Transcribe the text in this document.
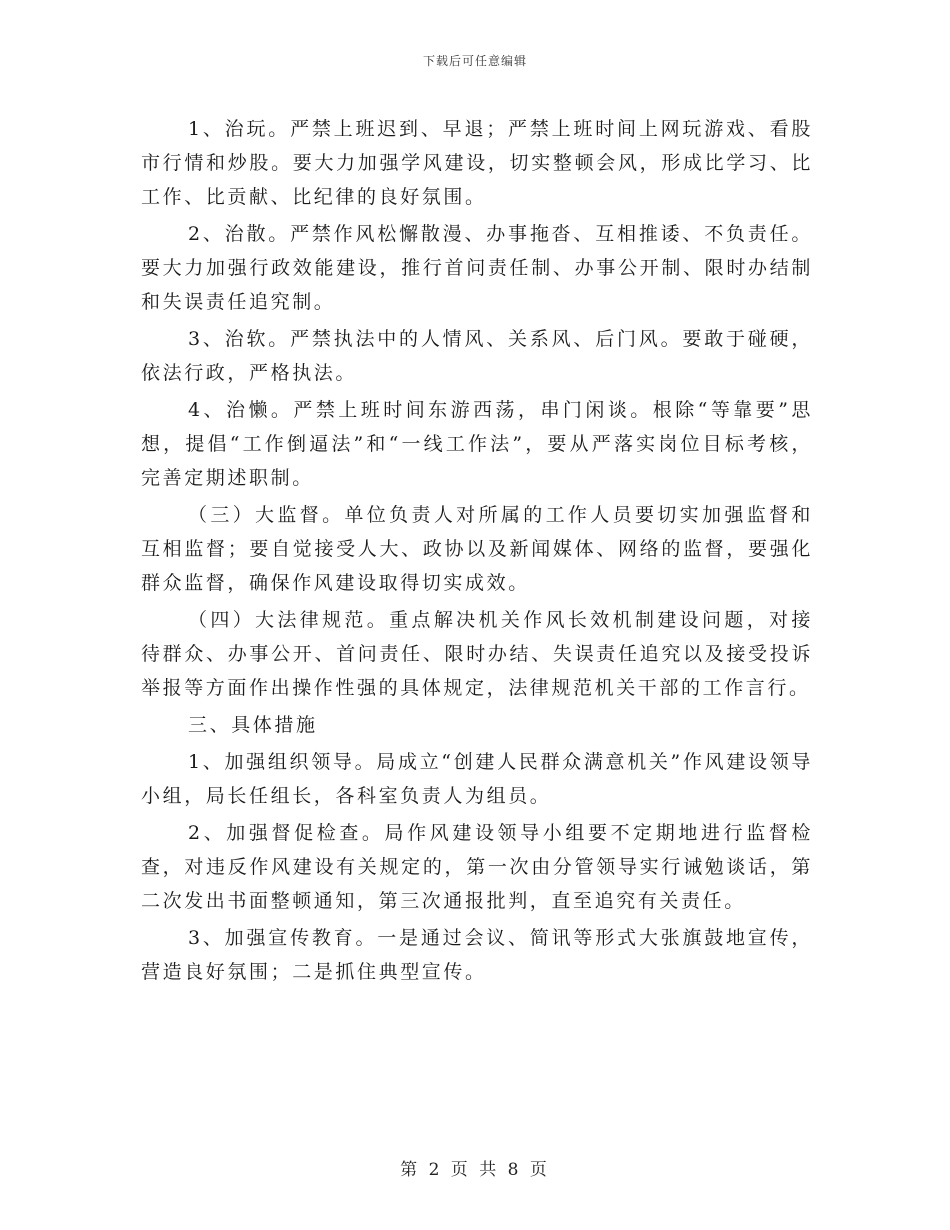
下载后可任意编辑

1、治玩。严禁上班迟到、早退；严禁上班时间上网玩游戏、看股市行情和炒股。要大力加强学风建设，切实整顿会风，形成比学习、比工作、比贡献、比纪律的良好氛围。

2、治散。严禁作风松懈散漫、办事拖沓、互相推诿、不负责任。要大力加强行政效能建设，推行首问责任制、办事公开制、限时办结制和失误责任追究制。

3、治软。严禁执法中的人情风、关系风、后门风。要敢于碰硬，依法行政，严格执法。

4、治懒。严禁上班时间东游西荡，串门闲谈。根除“等靠要”思想，提倡“工作倒逼法”和“一线工作法”，要从严落实岗位目标考核，完善定期述职制。

（三）大监督。单位负责人对所属的工作人员要切实加强监督和互相监督；要自觉接受人大、政协以及新闻媒体、网络的监督，要强化群众监督，确保作风建设取得切实成效。

（四）大法律规范。重点解决机关作风长效机制建设问题，对接待群众、办事公开、首问责任、限时办结、失误责任追究以及接受投诉举报等方面作出操作性强的具体规定，法律规范机关干部的工作言行。

三、具体措施

1、加强组织领导。局成立“创建人民群众满意机关”作风建设领导小组，局长任组长，各科室负责人为组员。

2、加强督促检查。局作风建设领导小组要不定期地进行监督检查，对违反作风建设有关规定的，第一次由分管领导实行诫勉谈话，第二次发出书面整顿通知，第三次通报批判，直至追究有关责任。

3、加强宣传教育。一是通过会议、简讯等形式大张旗鼓地宣传，营造良好氛围；二是抓住典型宣传。

第 2 页 共 8 页
